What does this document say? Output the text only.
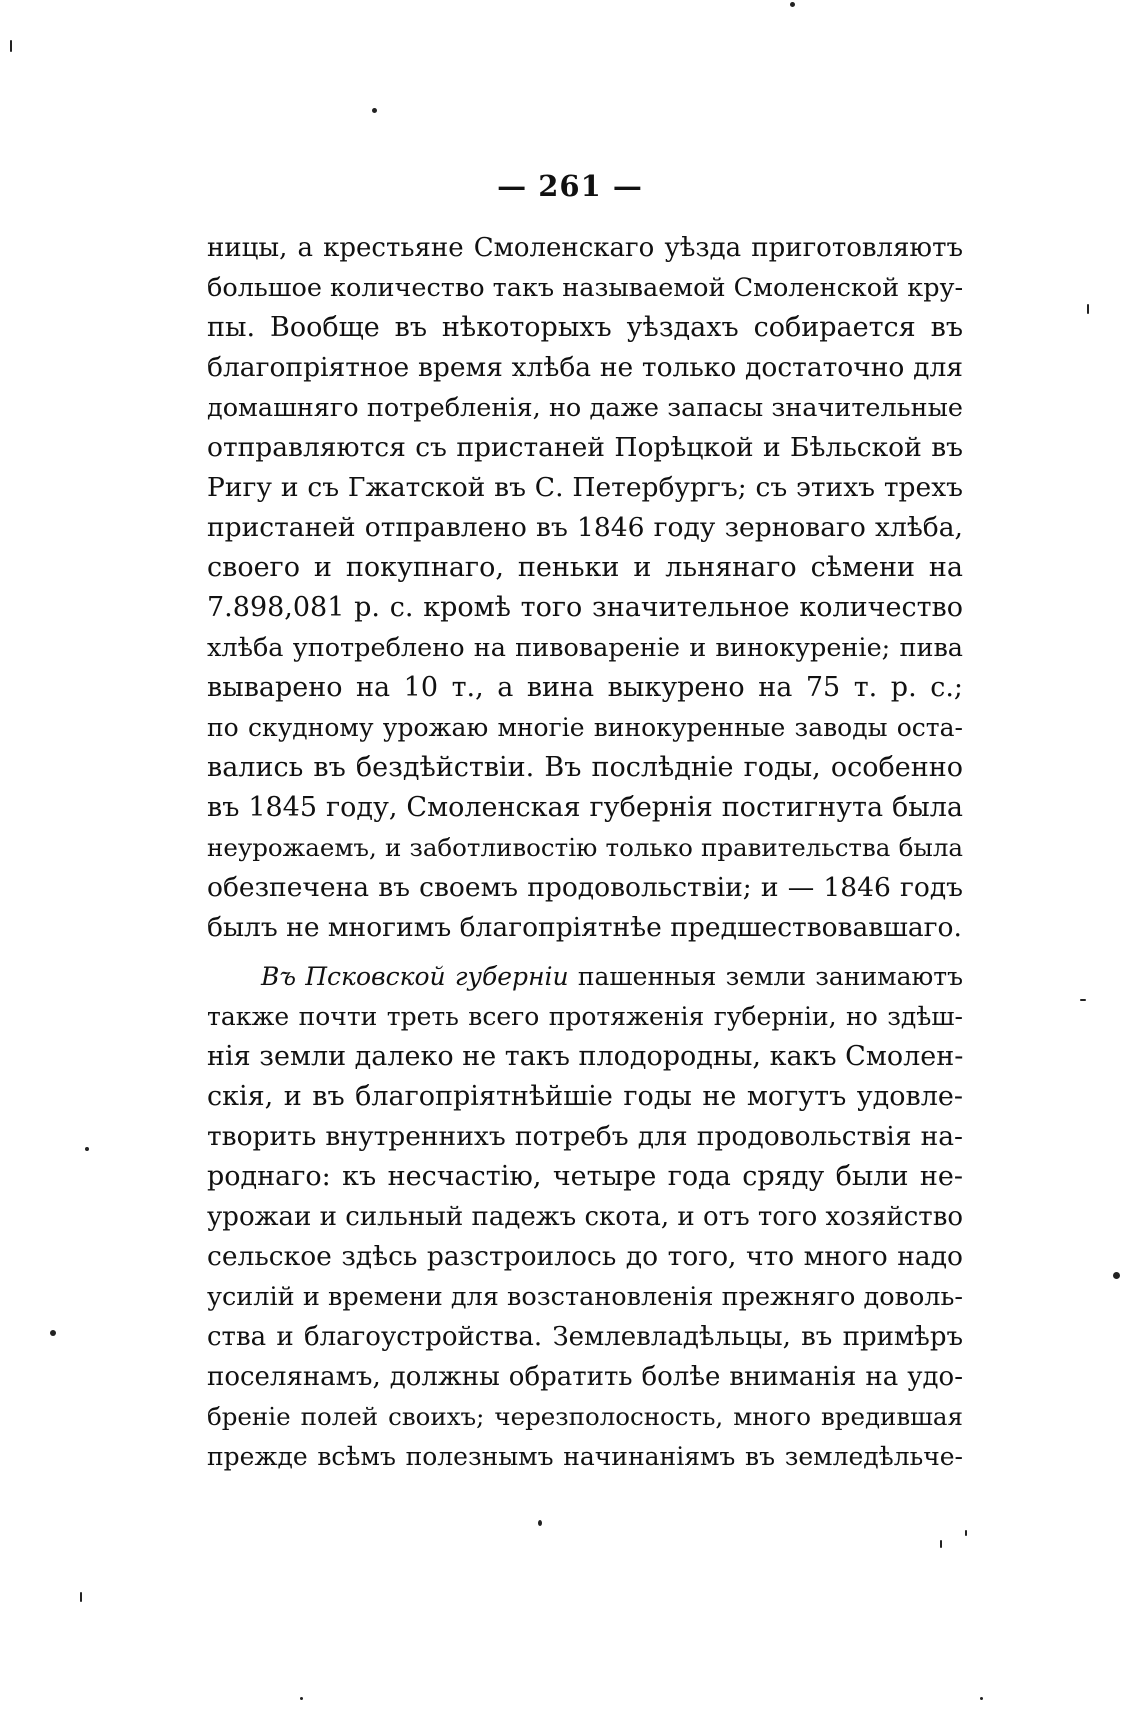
— 261 —
ницы, а крестьяне Смоленскаго уѣзда приготовляютъ
большое количество такъ называемой Смоленской кру-
пы. Вообще въ нѣкоторыхъ уѣздахъ собирается въ
благопріятное время хлѣба не только достаточно для
домашняго потребленія, но даже запасы значительные
отправляются съ пристаней Порѣцкой и Бѣльской въ
Ригу и съ Гжатской въ С. Петербургъ; съ этихъ трехъ
пристаней отправлено въ 1846 году зерноваго хлѣба,
своего и покупнаго, пеньки и льнянаго сѣмени на
7.898,081 р. с. кромѣ того значительное количество
хлѣба употреблено на пивовареніе и винокуреніе; пива
выварено на 10 т., а вина выкурено на 75 т. р. с.;
по скудному урожаю многіе винокуренные заводы оста-
вались въ бездѣйствіи. Въ послѣдніе годы, особенно
въ 1845 году, Смоленская губернія постигнута была
неурожаемъ, и заботливостію только правительства была
обезпечена въ своемъ продовольствіи; и — 1846 годъ
былъ не многимъ благопріятнѣе предшествовавшаго.
Въ Псковской губерніи пашенныя земли занимаютъ
также почти треть всего протяженія губерніи, но здѣш-
нія земли далеко не такъ плодородны, какъ Смолен-
скія, и въ благопріятнѣйшіе годы не могутъ удовле-
творить внутреннихъ потребъ для продовольствія на-
роднаго: къ несчастію, четыре года сряду были не-
урожаи и сильный падежъ скота, и отъ того хозяйство
сельское здѣсь разстроилось до того, что много надо
усилій и времени для возстановленія прежняго доволь-
ства и благоустройства. Землевладѣльцы, въ примѣръ
поселянамъ, должны обратить болѣе вниманія на удо-
бреніе полей своихъ; черезполосность, много вредившая
прежде всѣмъ полезнымъ начинаніямъ въ земледѣльче-
